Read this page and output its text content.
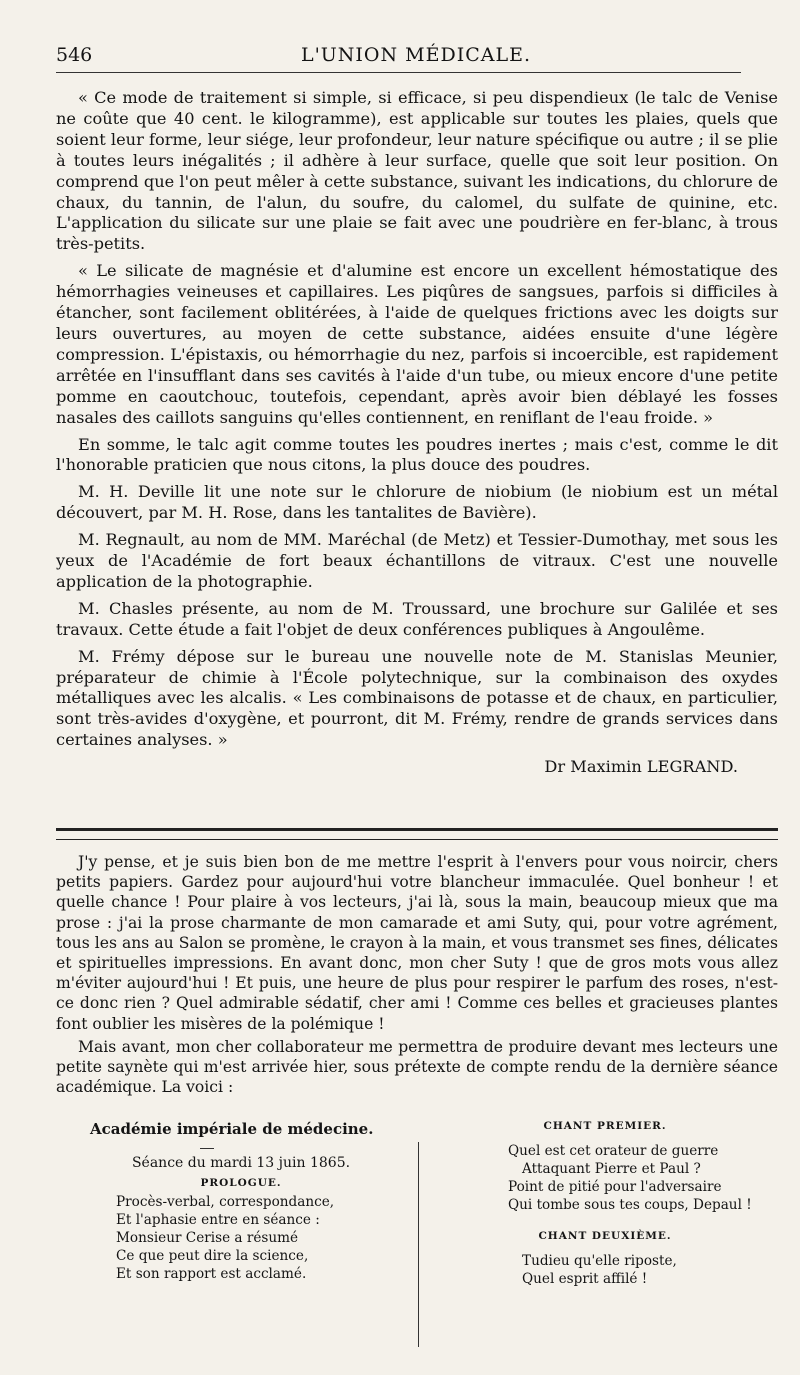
546	L'UNION MÉDICALE.

« Ce mode de traitement si simple, si efficace, si peu dispendieux (le talc de Venise ne coûte que 40 cent. le kilogramme), est applicable sur toutes les plaies, quels que soient leur forme, leur siége, leur profondeur, leur nature spécifique ou autre ; il se plie à toutes leurs inégalités ; il adhère à leur surface, quelle que soit leur position. On comprend que l'on peut mêler à cette substance, suivant les indications, du chlorure de chaux, du tannin, de l'alun, du soufre, du calomel, du sulfate de quinine, etc. L'application du silicate sur une plaie se fait avec une poudrière en fer-blanc, à trous très-petits.

« Le silicate de magnésie et d'alumine est encore un excellent hémostatique des hémorrhagies veineuses et capillaires. Les piqûres de sangsues, parfois si difficiles à étancher, sont facilement oblitérées, à l'aide de quelques frictions avec les doigts sur leurs ouvertures, au moyen de cette substance, aidées ensuite d'une légère compression. L'épistaxis, ou hémorrhagie du nez, parfois si incoercible, est rapidement arrêtée en l'insufflant dans ses cavités à l'aide d'un tube, ou mieux encore d'une petite pomme en caoutchouc, toutefois, cependant, après avoir bien déblayé les fosses nasales des caillots sanguins qu'elles contiennent, en reniflant de l'eau froide. »

En somme, le talc agit comme toutes les poudres inertes ; mais c'est, comme le dit l'honorable praticien que nous citons, la plus douce des poudres.

M. H. Deville lit une note sur le chlorure de niobium (le niobium est un métal découvert, par M. H. Rose, dans les tantalites de Bavière).

M. Regnault, au nom de MM. Maréchal (de Metz) et Tessier-Dumothay, met sous les yeux de l'Académie de fort beaux échantillons de vitraux. C'est une nouvelle application de la photographie.

M. Chasles présente, au nom de M. Troussard, une brochure sur Galilée et ses travaux. Cette étude a fait l'objet de deux conférences publiques à Angoulême.

M. Frémy dépose sur le bureau une nouvelle note de M. Stanislas Meunier, préparateur de chimie à l'École polytechnique, sur la combinaison des oxydes métalliques avec les alcalis. « Les combinaisons de potasse et de chaux, en particulier, sont très-avides d'oxygène, et pourront, dit M. Frémy, rendre de grands services dans certaines analyses. »

Dr Maximin LEGRAND.

J'y pense, et je suis bien bon de me mettre l'esprit à l'envers pour vous noircir, chers petits papiers. Gardez pour aujourd'hui votre blancheur immaculée. Quel bonheur ! et quelle chance ! Pour plaire à vos lecteurs, j'ai là, sous la main, beaucoup mieux que ma prose : j'ai la prose charmante de mon camarade et ami Suty, qui, pour votre agrément, tous les ans au Salon se promène, le crayon à la main, et vous transmet ses fines, délicates et spirituelles impressions. En avant donc, mon cher Suty ! que de gros mots vous allez m'éviter aujourd'hui ! Et puis, une heure de plus pour respirer le parfum des roses, n'est-ce donc rien ? Quel admirable sédatif, cher ami ! Comme ces belles et gracieuses plantes font oublier les misères de la polémique !

Mais avant, mon cher collaborateur me permettra de produire devant mes lecteurs une petite saynète qui m'est arrivée hier, sous prétexte de compte rendu de la dernière séance académique. La voici :

Académie impériale de médecine.
Séance du mardi 13 juin 1865.
PROLOGUE.

Procès-verbal, correspondance,

Et l'aphasie entre en séance :

Monsieur Cerise a résumé

Ce que peut dire la science,

Et son rapport est acclamé.

CHANT PREMIER.

Quel est cet orateur de guerre

Attaquant Pierre et Paul ?

Point de pitié pour l'adversaire

Qui tombe sous tes coups, Depaul !

CHANT DEUXIÈME.

Tudieu qu'elle riposte,

Quel esprit affilé !
